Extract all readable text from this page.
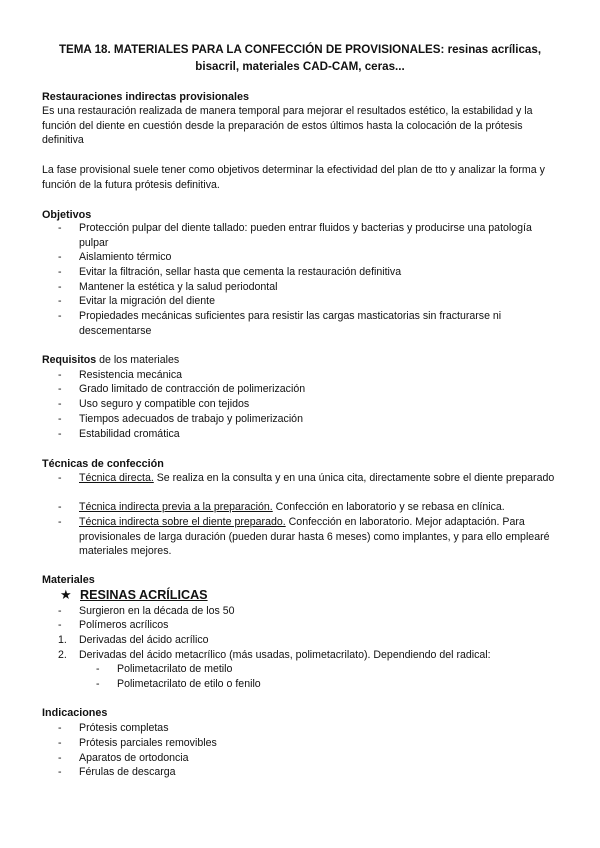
TEMA 18. MATERIALES PARA LA CONFECCIÓN DE PROVISIONALES: resinas acrílicas,
bisacril, materiales CAD-CAM, ceras...
Restauraciones indirectas provisionales
Es una restauración realizada de manera temporal para mejorar el resultados estético, la estabilidad y la función del diente en cuestión desde la preparación de estos últimos hasta la colocación de la prótesis definitiva
La fase provisional suele tener como objetivos determinar la efectividad del plan de tto y analizar la forma y función de la futura prótesis definitiva.
Objetivos
-	Protección pulpar del diente tallado: pueden entrar fluidos y bacterias y producirse una patología pulpar
-	Aislamiento térmico
-	Evitar la filtración, sellar hasta que cementa la restauración definitiva
-	Mantener la estética y la salud periodontal
-	Evitar la migración del diente
-	Propiedades mecánicas suficientes para resistir las cargas masticatorias sin fracturarse ni descementarse
Requisitos de los materiales
-	Resistencia mecánica
-	Grado limitado de contracción de polimerización
-	Uso seguro y compatible con tejidos
-	Tiempos adecuados de trabajo y polimerización
-	Estabilidad cromática
Técnicas de confección
-	Técnica directa. Se realiza en la consulta y en una única cita, directamente sobre el diente preparado
-	Técnica indirecta previa a la preparación. Confección en laboratorio y se rebasa en clínica.
-	Técnica indirecta sobre el diente preparado. Confección en laboratorio. Mejor adaptación. Para provisionales de larga duración (pueden durar hasta 6 meses) como implantes, y para ello emplearé materiales mejores.
Materiales
★ RESINAS ACRÍLICAS
-	Surgieron en la década de los 50
-	Polímeros acrílicos
1.	Derivadas del ácido acrílico
2.	Derivadas del ácido metacrílico (más usadas, polimetacrilato). Dependiendo del radical:
-	Polimetacrilato de metilo
-	Polimetacrilato de etilo o fenilo
Indicaciones
-	Prótesis completas
-	Prótesis parciales removibles
-	Aparatos de ortodoncia
-	Férulas de descarga
